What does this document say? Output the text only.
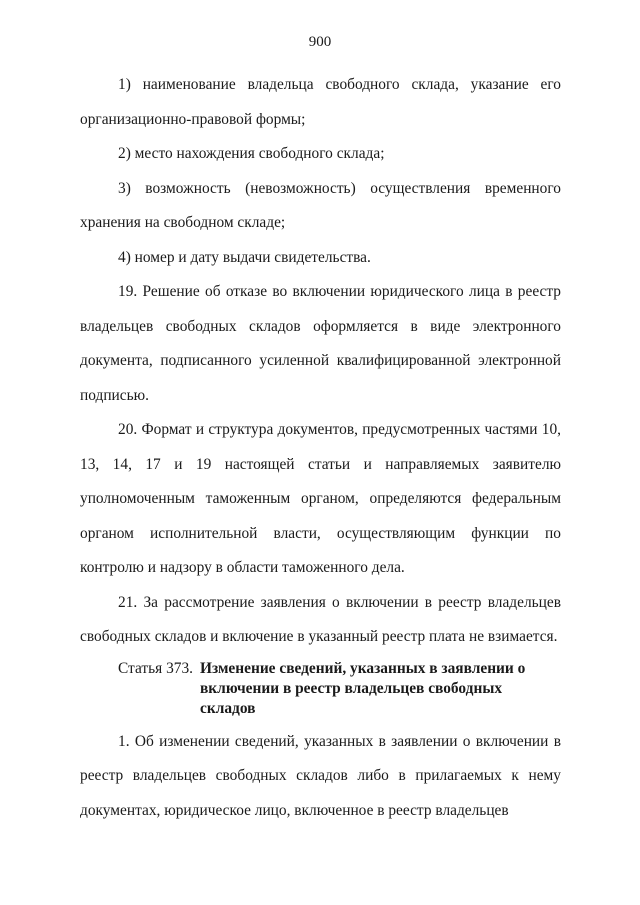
900

1) наименование владельца свободного склада, указание его организационно-правовой формы;

2) место нахождения свободного склада;

3) возможность (невозможность) осуществления временного хранения на свободном складе;

4) номер и дату выдачи свидетельства.

19. Решение об отказе во включении юридического лица в реестр владельцев свободных складов оформляется в виде электронного документа, подписанного усиленной квалифицированной электронной подписью.

20. Формат и структура документов, предусмотренных частями 10, 13, 14, 17 и 19 настоящей статьи и направляемых заявителю уполномоченным таможенным органом, определяются федеральным органом исполнительной власти, осуществляющим функции по контролю и надзору в области таможенного дела.

21. За рассмотрение заявления о включении в реестр владельцев свободных складов и включение в указанный реестр плата не взимается.

Статья 373. Изменение сведений, указанных в заявлении о
включении в реестр владельцев свободных складов

1. Об изменении сведений, указанных в заявлении о включении в реестр владельцев свободных складов либо в прилагаемых к нему документах, юридическое лицо, включенное в реестр владельцев
